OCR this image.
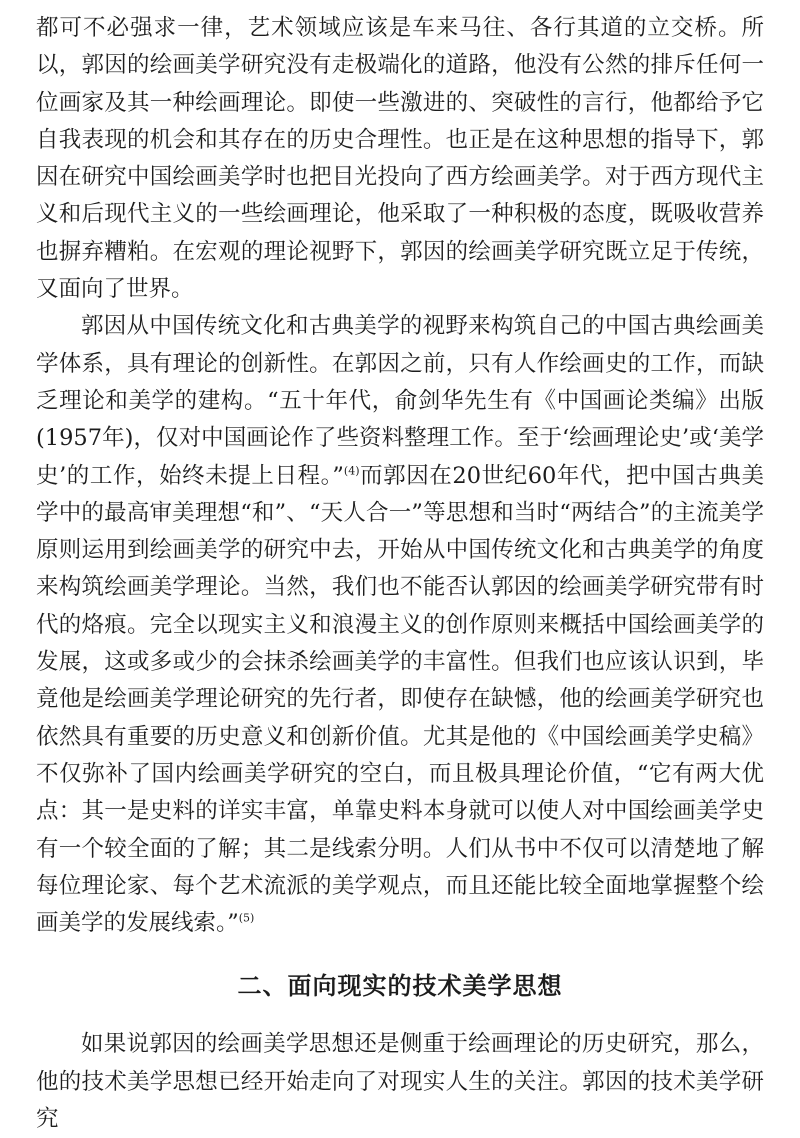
都可不必强求一律，艺术领域应该是车来马往、各行其道的立交桥。所以，郭因的绘画美学研究没有走极端化的道路，他没有公然的排斥任何一位画家及其一种绘画理论。即使一些激进的、突破性的言行，他都给予它自我表现的机会和其存在的历史合理性。也正是在这种思想的指导下，郭因在研究中国绘画美学时也把目光投向了西方绘画美学。对于西方现代主义和后现代主义的一些绘画理论，他采取了一种积极的态度，既吸收营养也摒弃糟粕。在宏观的理论视野下，郭因的绘画美学研究既立足于传统，又面向了世界。

郭因从中国传统文化和古典美学的视野来构筑自己的中国古典绘画美学体系，具有理论的创新性。在郭因之前，只有人作绘画史的工作，而缺乏理论和美学的建构。“五十年代，俞剑华先生有《中国画论类编》出版(1957年)，仅对中国画论作了些资料整理工作。至于‘绘画理论史’或‘美学史’的工作，始终未提上日程。”$^{(4)}$而郭因在20世纪60年代，把中国古典美学中的最高审美理想“和”、“天人合一”等思想和当时“两结合”的主流美学原则运用到绘画美学的研究中去，开始从中国传统文化和古典美学的角度来构筑绘画美学理论。当然，我们也不能否认郭因的绘画美学研究带有时代的烙痕。完全以现实主义和浪漫主义的创作原则来概括中国绘画美学的发展，这或多或少的会抹杀绘画美学的丰富性。但我们也应该认识到，毕竟他是绘画美学理论研究的先行者，即使存在缺憾，他的绘画美学研究也依然具有重要的历史意义和创新价值。尤其是他的《中国绘画美学史稿》不仅弥补了国内绘画美学研究的空白，而且极具理论价值，“它有两大优点：其一是史料的详实丰富，单靠史料本身就可以使人对中国绘画美学史有一个较全面的了解；其二是线索分明。人们从书中不仅可以清楚地了解每位理论家、每个艺术流派的美学观点，而且还能比较全面地掌握整个绘画美学的发展线索。”$^{(5)}$

二、面向现实的技术美学思想

如果说郭因的绘画美学思想还是侧重于绘画理论的历史研究，那么，他的技术美学思想已经开始走向了对现实人生的关注。郭因的技术美学研究
